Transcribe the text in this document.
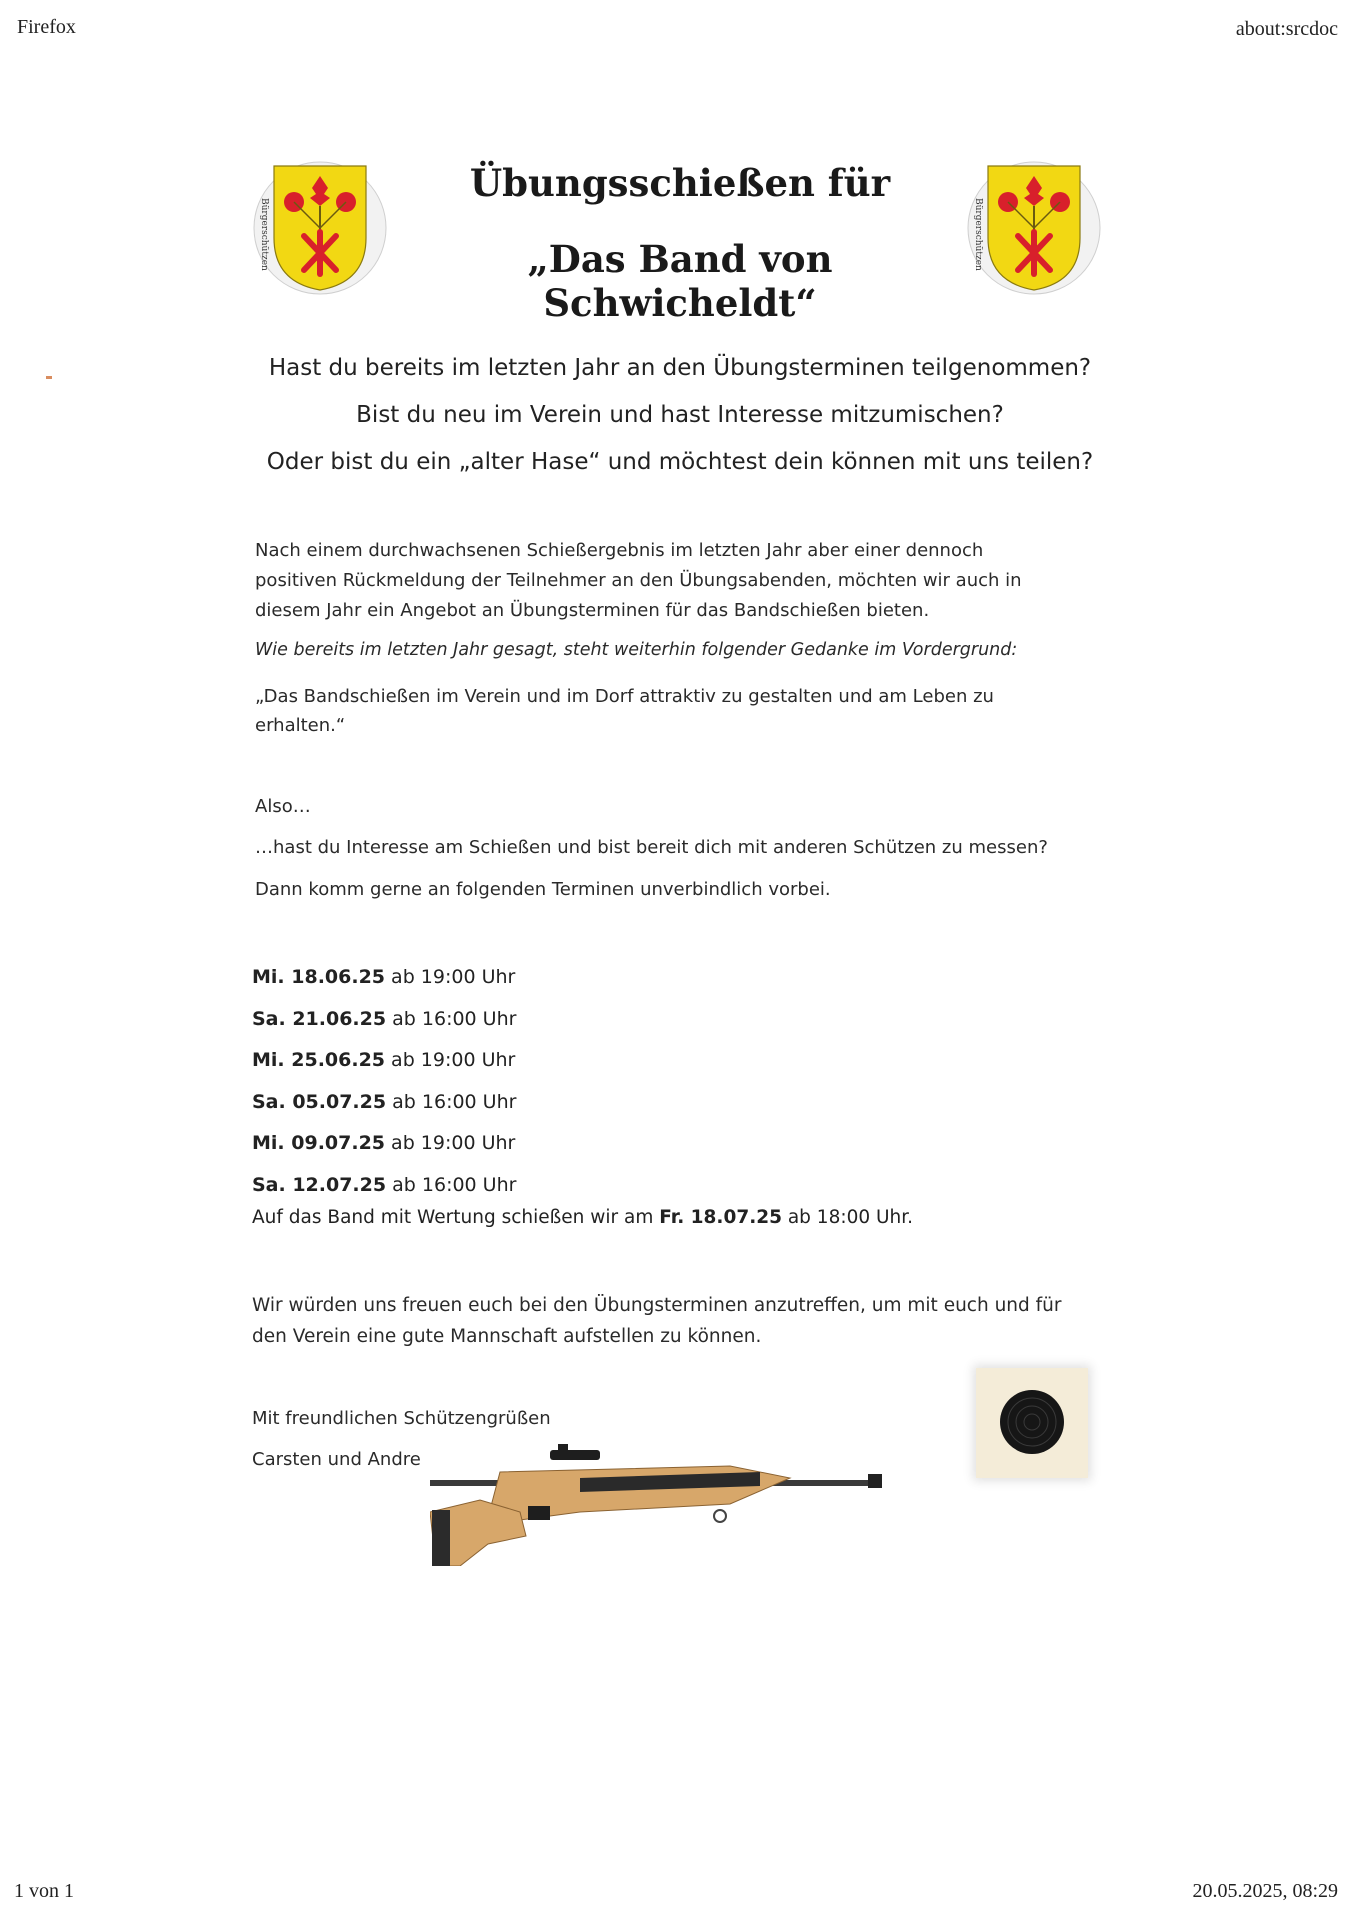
Firefox	about:srcdoc
1 von 1	20.05.2025, 08:29
Bürgerschützen	Bürgerschützen
Übungsschießen für
„Das Band von Schwicheldt“
Hast du bereits im letzten Jahr an den Übungsterminen teilgenommen?
Bist du neu im Verein und hast Interesse mitzumischen?
Oder bist du ein „alter Hase“ und möchtest dein können mit uns teilen?

Nach einem durchwachsenen Schießergebnis im letzten Jahr aber einer dennoch

positiven Rückmeldung der Teilnehmer an den Übungsabenden, möchten wir auch in

diesem Jahr ein Angebot an Übungsterminen für das Bandschießen bieten.

Wie bereits im letzten Jahr gesagt, steht weiterhin folgender Gedanke im Vordergrund:

„Das Bandschießen im Verein und im Dorf attraktiv zu gestalten und am Leben zu

erhalten.“

Also…
…hast du Interesse am Schießen und bist bereit dich mit anderen Schützen zu messen?
Dann komm gerne an folgenden Terminen unverbindlich vorbei.
Mi. 18.06.25 ab 19:00 Uhr
Sa. 21.06.25 ab 16:00 Uhr
Mi. 25.06.25 ab 19:00 Uhr
Sa. 05.07.25 ab 16:00 Uhr
Mi. 09.07.25 ab 19:00 Uhr
Sa. 12.07.25 ab 16:00 Uhr
Auf das Band mit Wertung schießen wir am Fr. 18.07.25 ab 18:00 Uhr.

Wir würden uns freuen euch bei den Übungsterminen anzutreffen, um mit euch und für

den Verein eine gute Mannschaft aufstellen zu können.

Mit freundlichen Schützengrüßen
Carsten und Andre
